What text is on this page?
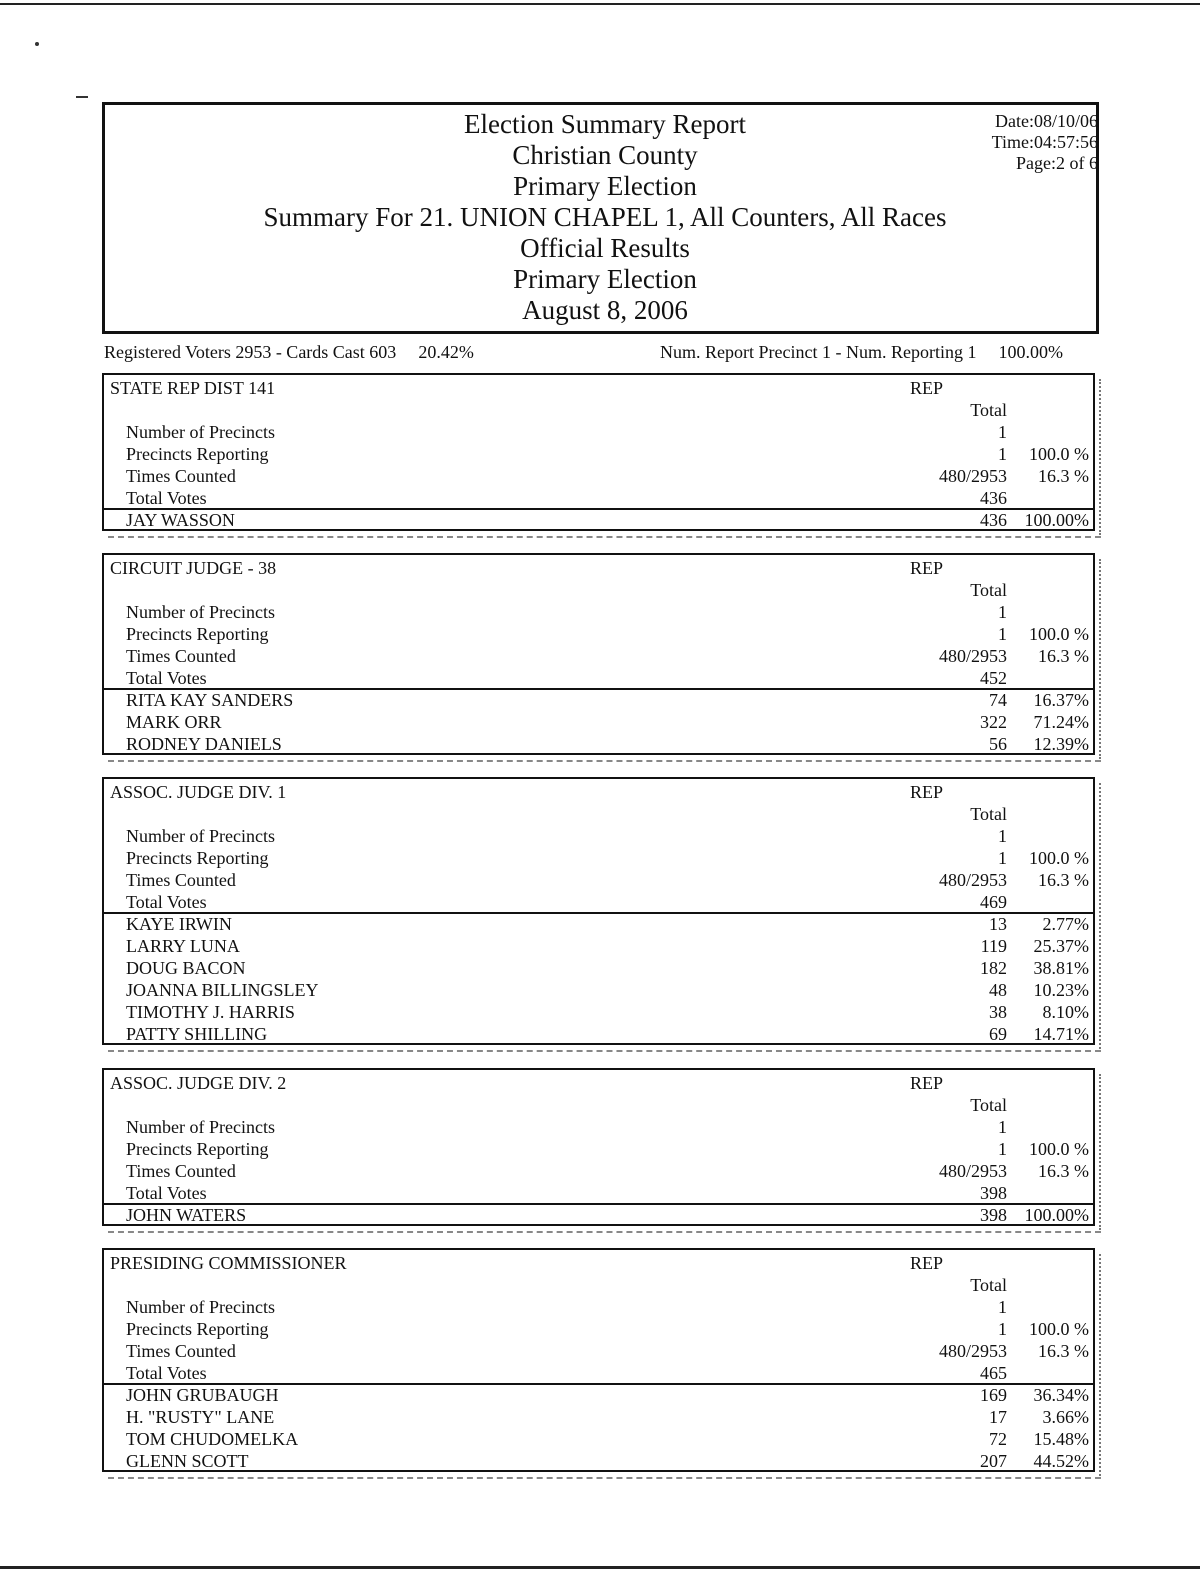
Election Summary Report
Christian County
Primary Election
Summary For 21. UNION CHAPEL 1, All Counters, All Races
Official Results
Primary Election
August 8, 2006
Date:08/10/06
Time:04:57:56
Page:2 of 6
Registered Voters 2953 - Cards Cast 603 20.42%	Num. Report Precinct 1 - Num. Reporting 1 100.00%
STATE REP DIST 141	REP
Total
Number of Precincts	1
Precincts Reporting	1 100.0 %
Times Counted	480/2953 16.3 %
Total Votes	436
JAY WASSON	436 100.00%
CIRCUIT JUDGE - 38	REP
Total
Number of Precincts	1
Precincts Reporting	1 100.0 %
Times Counted	480/2953 16.3 %
Total Votes	452
RITA KAY SANDERS	74 16.37%
MARK ORR	322 71.24%
RODNEY DANIELS	56 12.39%
ASSOC. JUDGE DIV. 1	REP
Total
Number of Precincts	1
Precincts Reporting	1 100.0 %
Times Counted	480/2953 16.3 %
Total Votes	469
KAYE IRWIN	13 2.77%
LARRY LUNA	119 25.37%
DOUG BACON	182 38.81%
JOANNA BILLINGSLEY	48 10.23%
TIMOTHY J. HARRIS	38 8.10%
PATTY SHILLING	69 14.71%
ASSOC. JUDGE DIV. 2	REP
Total
Number of Precincts	1
Precincts Reporting	1 100.0 %
Times Counted	480/2953 16.3 %
Total Votes	398
JOHN WATERS	398 100.00%
PRESIDING COMMISSIONER	REP
Total
Number of Precincts	1
Precincts Reporting	1 100.0 %
Times Counted	480/2953 16.3 %
Total Votes	465
JOHN GRUBAUGH	169 36.34%
H. "RUSTY" LANE	17 3.66%
TOM CHUDOMELKA	72 15.48%
GLENN SCOTT	207 44.52%
